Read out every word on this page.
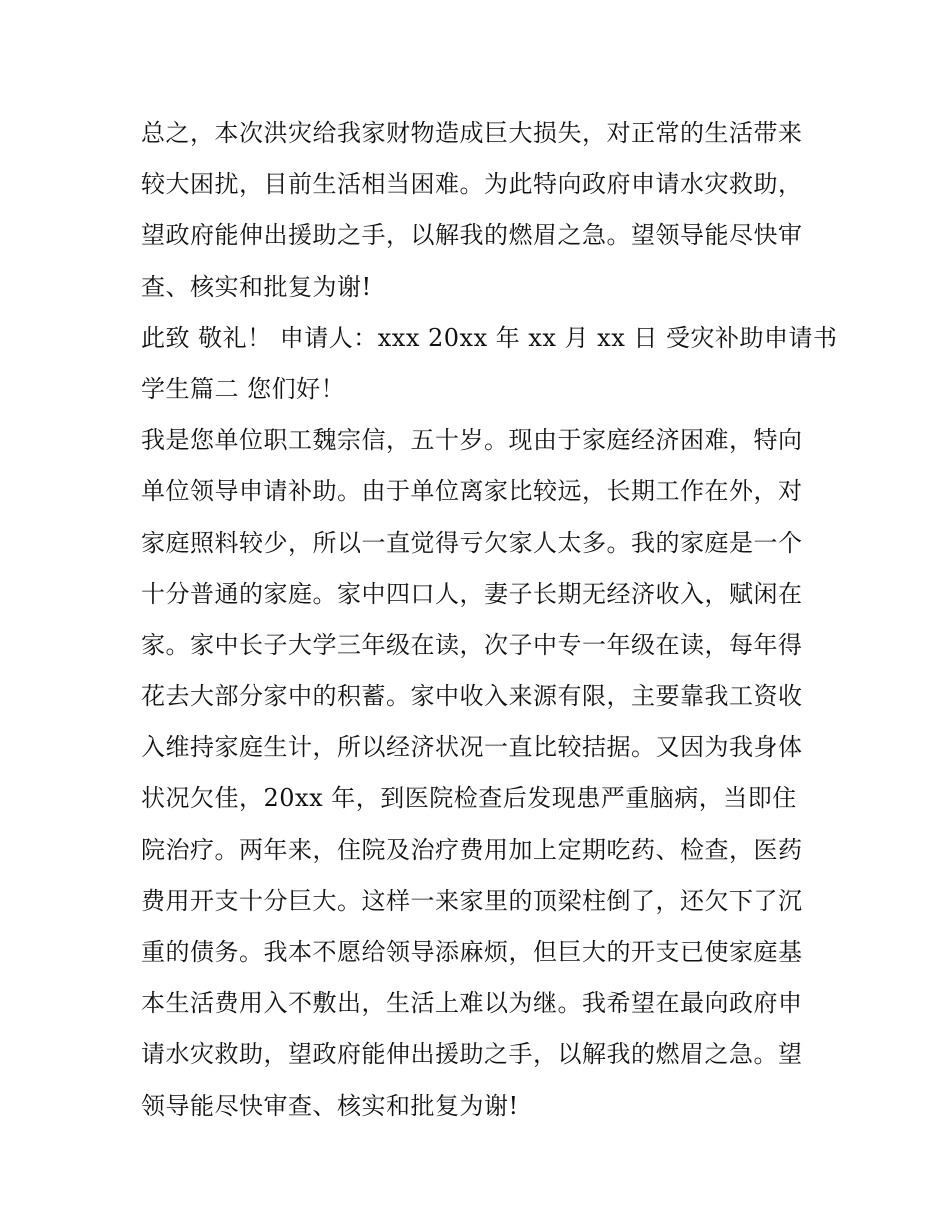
总之，本次洪灾给我家财物造成巨大损失，对正常的生活带来
较大困扰，目前生活相当困难。为此特向政府申请水灾救助，
望政府能伸出援助之手，以解我的燃眉之急。望领导能尽快审
查、核实和批复为谢!
此致 敬礼！ 申请人：xxx 20xx 年 xx 月 xx 日 受灾补助申请书
学生篇二 您们好！
我是您单位职工魏宗信，五十岁。现由于家庭经济困难，特向
单位领导申请补助。由于单位离家比较远，长期工作在外，对
家庭照料较少，所以一直觉得亏欠家人太多。我的家庭是一个
十分普通的家庭。家中四口人，妻子长期无经济收入，赋闲在
家。家中长子大学三年级在读，次子中专一年级在读，每年得
花去大部分家中的积蓄。家中收入来源有限，主要靠我工资收
入维持家庭生计，所以经济状况一直比较拮据。又因为我身体
状况欠佳，20xx 年，到医院检查后发现患严重脑病，当即住
院治疗。两年来，住院及治疗费用加上定期吃药、检查，医药
费用开支十分巨大。这样一来家里的顶梁柱倒了，还欠下了沉
重的债务。我本不愿给领导添麻烦，但巨大的开支已使家庭基
本生活费用入不敷出，生活上难以为继。我希望在最向政府申
请水灾救助，望政府能伸出援助之手，以解我的燃眉之急。望
领导能尽快审查、核实和批复为谢!
